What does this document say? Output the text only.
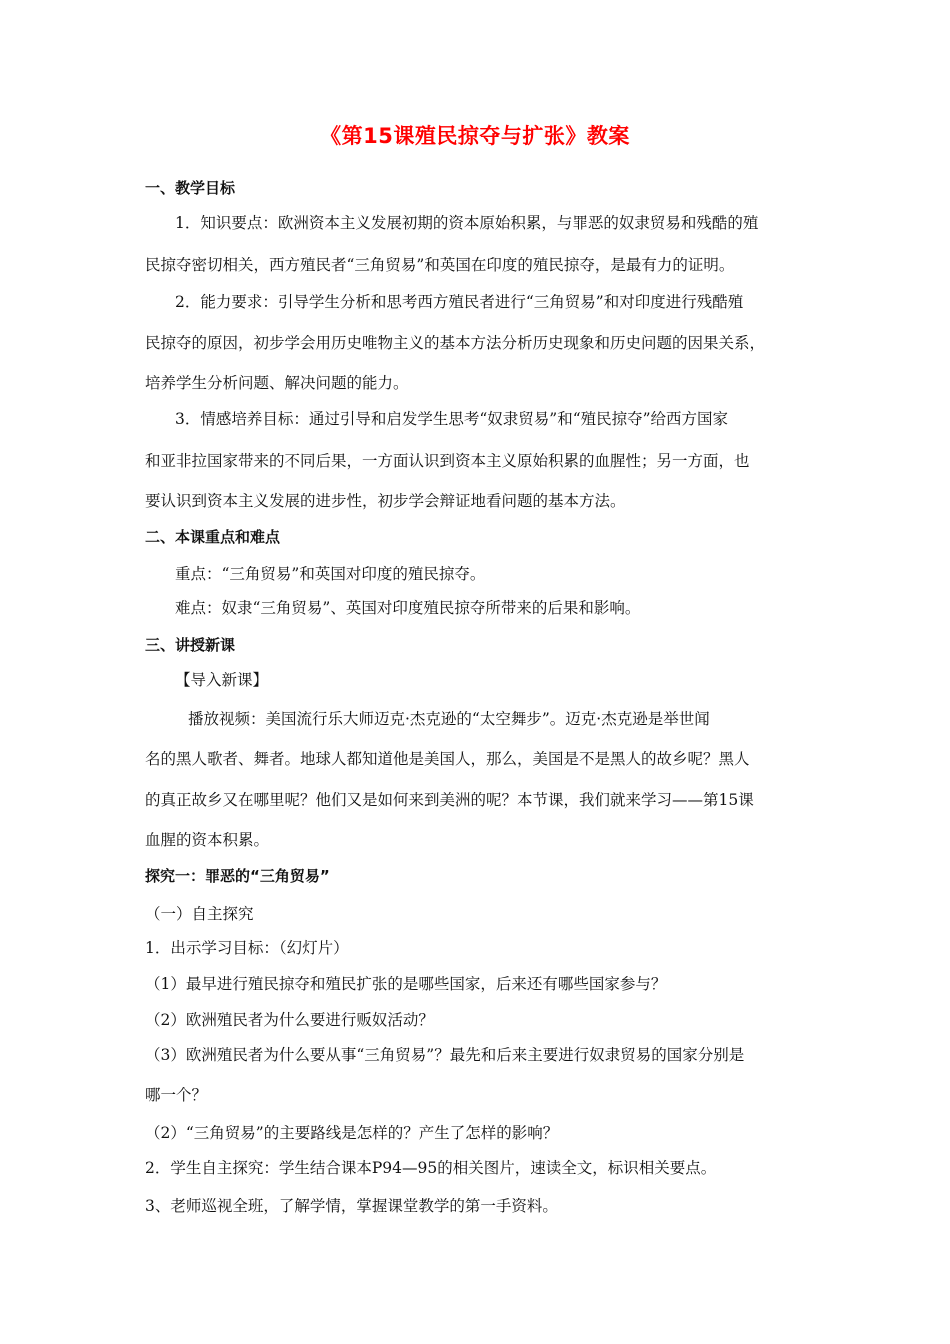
《第15课殖民掠夺与扩张》教案
一、教学目标
1．知识要点：欧洲资本主义发展初期的资本原始积累，与罪恶的奴隶贸易和残酷的殖
民掠夺密切相关，西方殖民者“三角贸易”和英国在印度的殖民掠夺，是最有力的证明。
2．能力要求：引导学生分析和思考西方殖民者进行“三角贸易”和对印度进行残酷殖
民掠夺的原因，初步学会用历史唯物主义的基本方法分析历史现象和历史问题的因果关系，
培养学生分析问题、解决问题的能力。
3．情感培养目标：通过引导和启发学生思考“奴隶贸易”和“殖民掠夺”给西方国家
和亚非拉国家带来的不同后果，一方面认识到资本主义原始积累的血腥性；另一方面，也
要认识到资本主义发展的进步性，初步学会辩证地看问题的基本方法。
二、本课重点和难点
重点：“三角贸易”和英国对印度的殖民掠夺。
难点：奴隶“三角贸易”、英国对印度殖民掠夺所带来的后果和影响。
三、讲授新课
【导入新课】
播放视频：美国流行乐大师迈克·杰克逊的“太空舞步”。迈克·杰克逊是举世闻
名的黑人歌者、舞者。地球人都知道他是美国人，那么，美国是不是黑人的故乡呢？黑人
的真正故乡又在哪里呢？他们又是如何来到美洲的呢？本节课，我们就来学习——第15课
血腥的资本积累。
探究一：罪恶的“三角贸易”
（一）自主探究
1．出示学习目标：（幻灯片）
（1）最早进行殖民掠夺和殖民扩张的是哪些国家，后来还有哪些国家参与？
（2）欧洲殖民者为什么要进行贩奴活动？
（3）欧洲殖民者为什么要从事“三角贸易”？最先和后来主要进行奴隶贸易的国家分别是
哪一个？
（2）“三角贸易”的主要路线是怎样的？产生了怎样的影响？
2．学生自主探究：学生结合课本P94—95的相关图片，速读全文，标识相关要点。
3、老师巡视全班，了解学情，掌握课堂教学的第一手资料。
